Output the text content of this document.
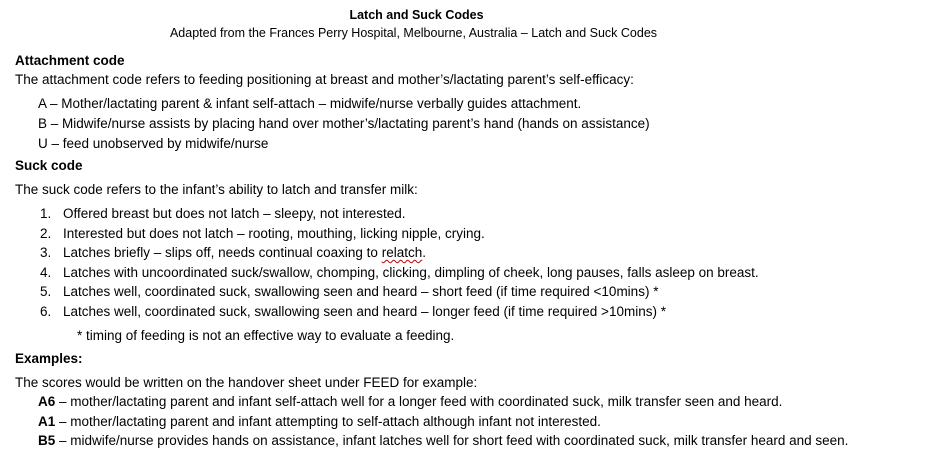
Latch and Suck Codes
Adapted from the Frances Perry Hospital, Melbourne, Australia – Latch and Suck Codes
Attachment code
The attachment code refers to feeding positioning at breast and mother’s/lactating parent’s self-efficacy:
A – Mother/lactating parent & infant self-attach – midwife/nurse verbally guides attachment.
B – Midwife/nurse assists by placing hand over mother’s/lactating parent’s hand (hands on assistance)
U – feed unobserved by midwife/nurse
Suck code
The suck code refers to the infant’s ability to latch and transfer milk:
1. Offered breast but does not latch – sleepy, not interested.
2. Interested but does not latch – rooting, mouthing, licking nipple, crying.
3. Latches briefly – slips off, needs continual coaxing to relatch.
4. Latches with uncoordinated suck/swallow, chomping, clicking, dimpling of cheek, long pauses, falls asleep on breast.
5. Latches well, coordinated suck, swallowing seen and heard – short feed (if time required <10mins) *
6. Latches well, coordinated suck, swallowing seen and heard – longer feed (if time required >10mins) *
* timing of feeding is not an effective way to evaluate a feeding.
Examples:
The scores would be written on the handover sheet under FEED for example:
A6 – mother/lactating parent and infant self-attach well for a longer feed with coordinated suck, milk transfer seen and heard.
A1 – mother/lactating parent and infant attempting to self-attach although infant not interested.
B5 – midwife/nurse provides hands on assistance, infant latches well for short feed with coordinated suck, milk transfer heard and seen.
